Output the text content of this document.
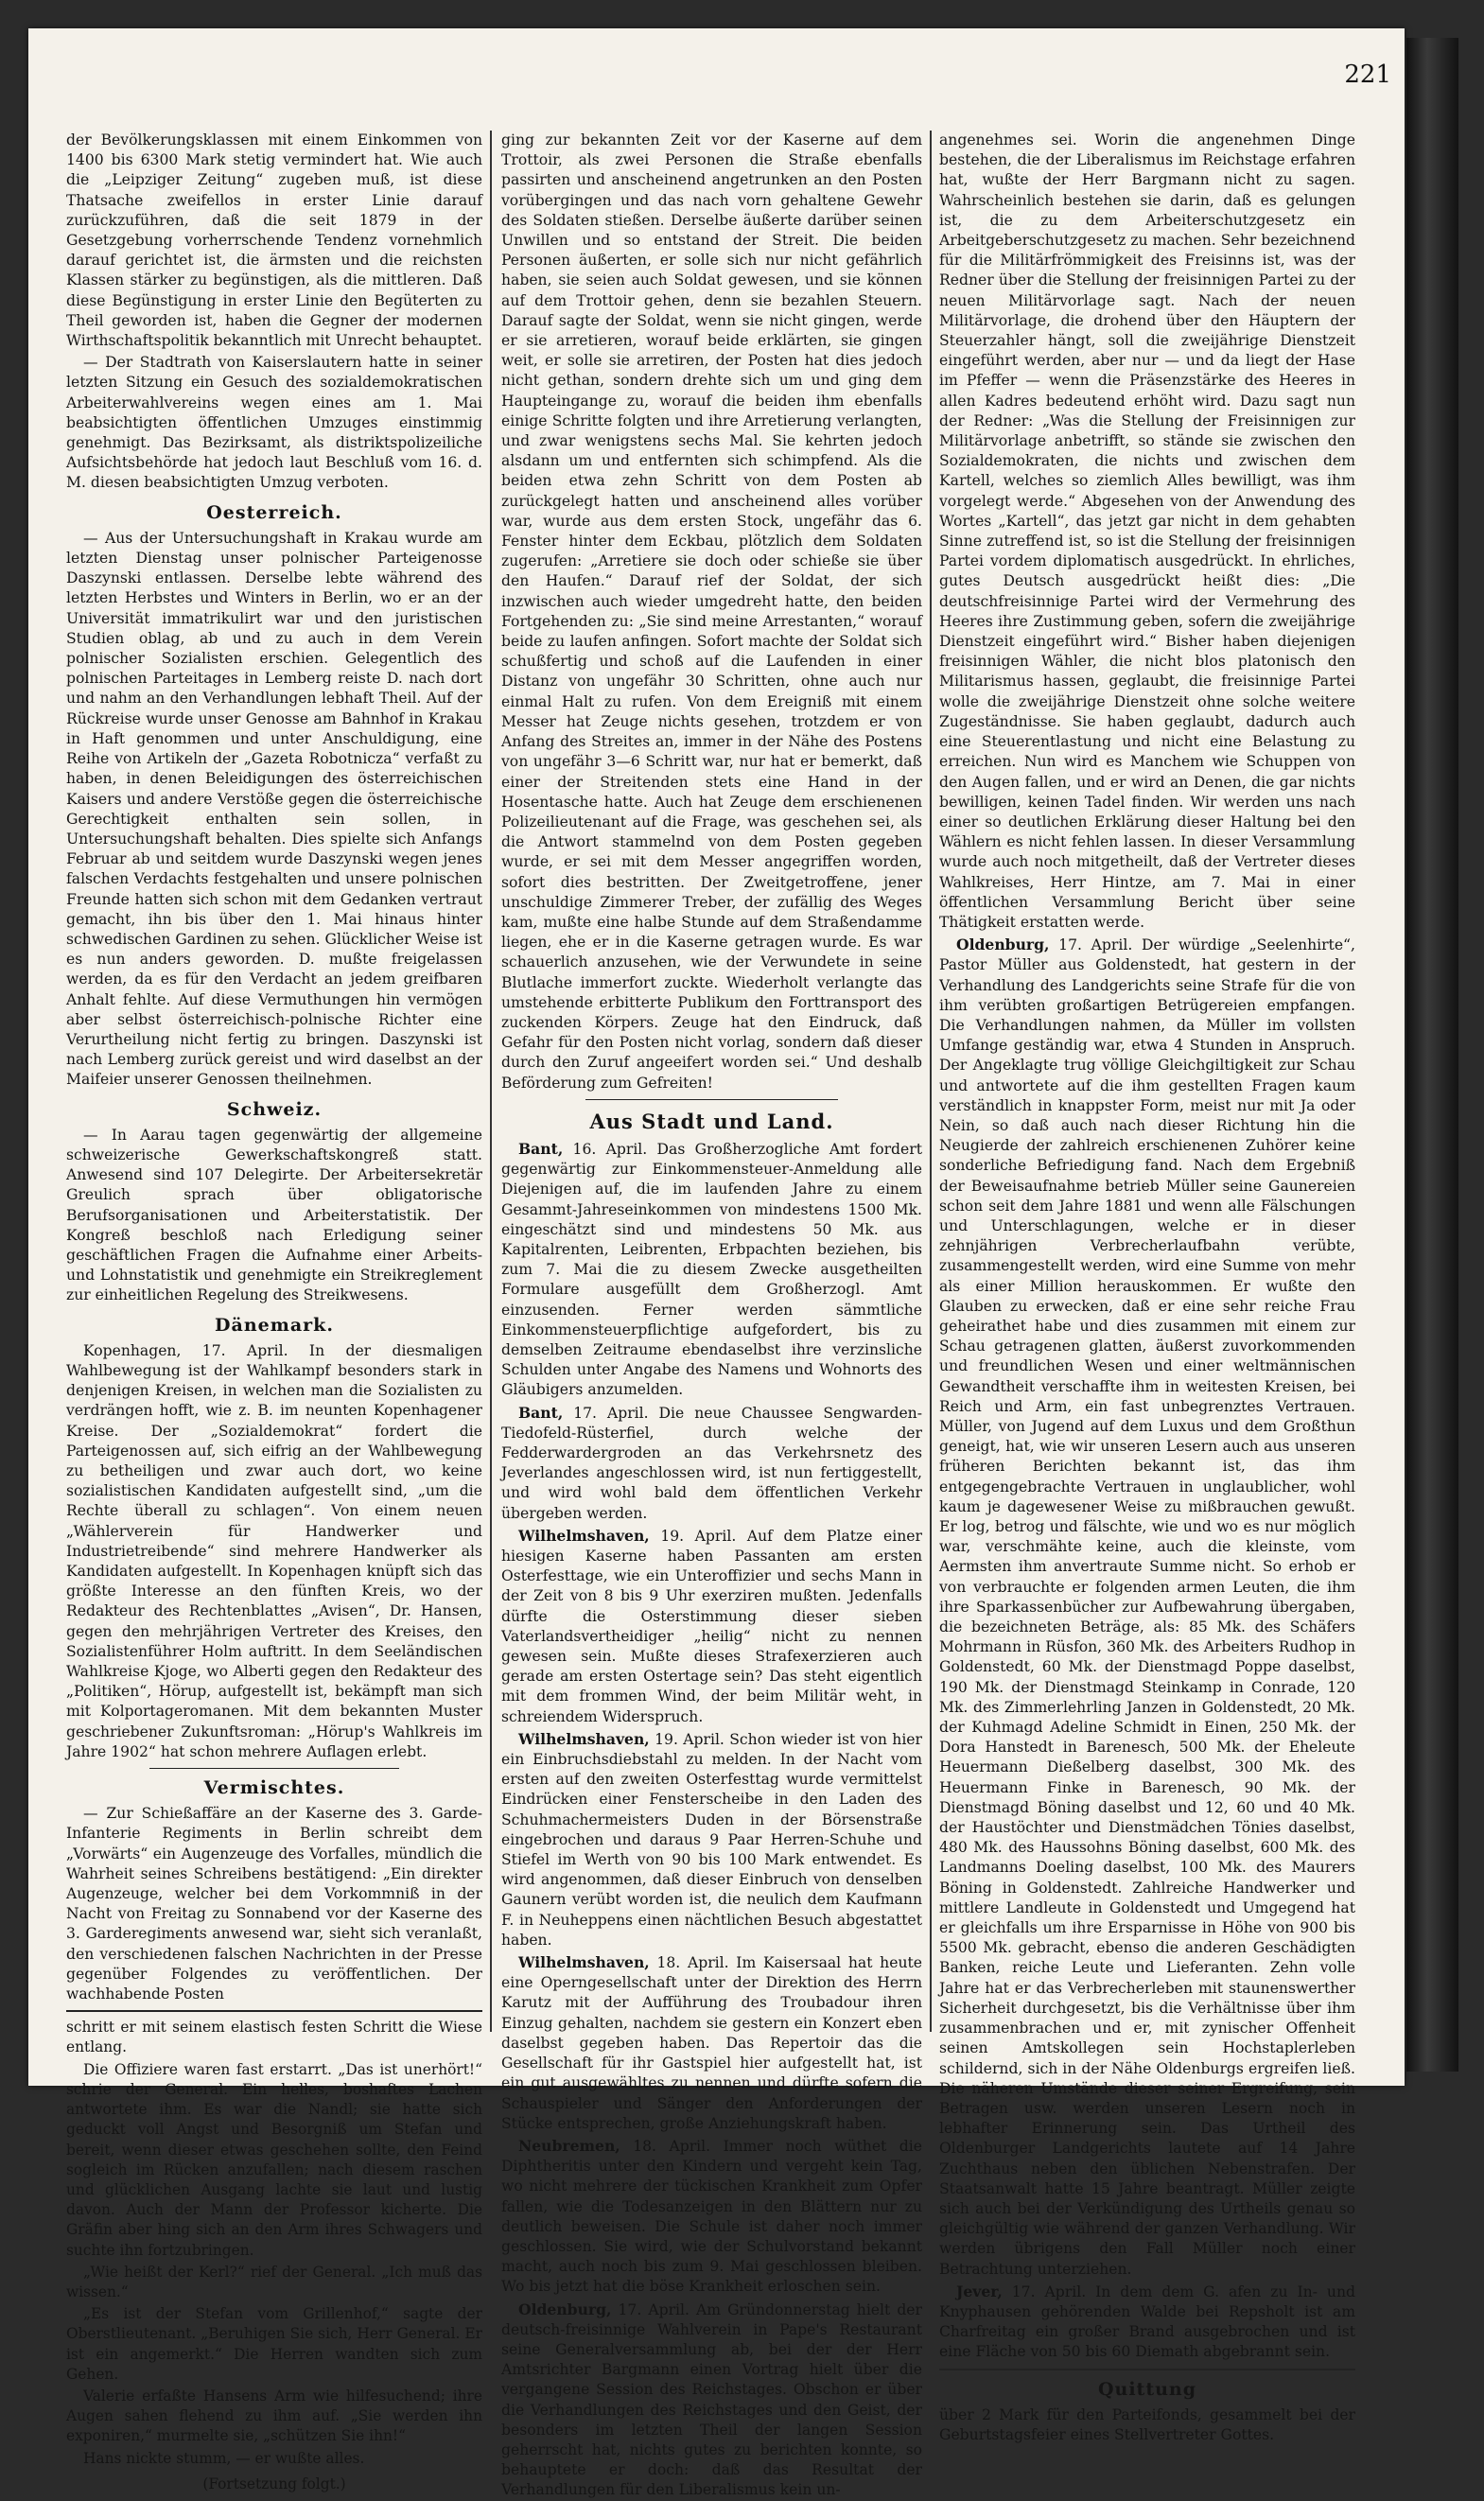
221

der Bevölkerungsklassen mit einem Einkommen von 1400 bis 6300 Mark stetig vermindert hat. Wie auch die „Leipziger Zeitung“ zugeben muß, ist diese Thatsache zweifellos in erster Linie darauf zurückzuführen, daß die seit 1879 in der Gesetzgebung vorherrschende Tendenz vornehmlich darauf gerichtet ist, die ärmsten und die reichsten Klassen stärker zu begünstigen, als die mittleren. Daß diese Begünstigung in erster Linie den Begüterten zu Theil geworden ist, haben die Gegner der modernen Wirthschaftspolitik bekanntlich mit Unrecht behauptet.

— Der Stadtrath von Kaiserslautern hatte in seiner letzten Sitzung ein Gesuch des sozialdemokratischen Arbeiterwahlvereins wegen eines am 1. Mai beabsichtigten öffentlichen Umzuges einstimmig genehmigt. Das Bezirksamt, als distriktspolizeiliche Aufsichtsbehörde hat jedoch laut Beschluß vom 16. d. M. diesen beabsichtigten Umzug verboten.

Oesterreich.

— Aus der Untersuchungshaft in Krakau wurde am letzten Dienstag unser polnischer Parteigenosse Daszynski entlassen. Derselbe lebte während des letzten Herbstes und Winters in Berlin, wo er an der Universität immatrikulirt war und den juristischen Studien oblag, ab und zu auch in dem Verein polnischer Sozialisten erschien. Gelegentlich des polnischen Parteitages in Lemberg reiste D. nach dort und nahm an den Verhandlungen lebhaft Theil. Auf der Rückreise wurde unser Genosse am Bahnhof in Krakau in Haft genommen und unter Anschuldigung, eine Reihe von Artikeln der „Gazeta Robotnicza“ verfaßt zu haben, in denen Beleidigungen des österreichischen Kaisers und andere Verstöße gegen die österreichische Gerechtigkeit enthalten sein sollen, in Untersuchungshaft behalten. Dies spielte sich Anfangs Februar ab und seitdem wurde Daszynski wegen jenes falschen Verdachts festgehalten und unsere polnischen Freunde hatten sich schon mit dem Gedanken vertraut gemacht, ihn bis über den 1. Mai hinaus hinter schwedischen Gardinen zu sehen. Glücklicher Weise ist es nun anders geworden. D. mußte freigelassen werden, da es für den Verdacht an jedem greifbaren Anhalt fehlte. Auf diese Vermuthungen hin vermögen aber selbst österreichisch-polnische Richter eine Verurtheilung nicht fertig zu bringen. Daszynski ist nach Lemberg zurück gereist und wird daselbst an der Maifeier unserer Genossen theilnehmen.

Schweiz.

— In Aarau tagen gegenwärtig der allgemeine schweizerische Gewerkschaftskongreß statt. Anwesend sind 107 Delegirte. Der Arbeitersekretär Greulich sprach über obligatorische Berufsorganisationen und Arbeiterstatistik. Der Kongreß beschloß nach Erledigung seiner geschäftlichen Fragen die Aufnahme einer Arbeits- und Lohnstatistik und genehmigte ein Streikreglement zur einheitlichen Regelung des Streikwesens.

Dänemark.

Kopenhagen, 17. April. In der diesmaligen Wahlbewegung ist der Wahlkampf besonders stark in denjenigen Kreisen, in welchen man die Sozialisten zu verdrängen hofft, wie z. B. im neunten Kopenhagener Kreise. Der „Sozialdemokrat“ fordert die Parteigenossen auf, sich eifrig an der Wahlbewegung zu betheiligen und zwar auch dort, wo keine sozialistischen Kandidaten aufgestellt sind, „um die Rechte überall zu schlagen“. Von einem neuen „Wählerverein für Handwerker und Industrietreibende“ sind mehrere Handwerker als Kandidaten aufgestellt. In Kopenhagen knüpft sich das größte Interesse an den fünften Kreis, wo der Redakteur des Rechtenblattes „Avisen“, Dr. Hansen, gegen den mehrjährigen Vertreter des Kreises, den Sozialistenführer Holm auftritt. In dem Seeländischen Wahlkreise Kjoge, wo Alberti gegen den Redakteur des „Politiken“, Hörup, aufgestellt ist, bekämpft man sich mit Kolportageromanen. Mit dem bekannten Muster geschriebener Zukunftsroman: „Hörup's Wahlkreis im Jahre 1902“ hat schon mehrere Auflagen erlebt.

Vermischtes.

— Zur Schießaffäre an der Kaserne des 3. Garde-Infanterie Regiments in Berlin schreibt dem „Vorwärts“ ein Augenzeuge des Vorfalles, mündlich die Wahrheit seines Schreibens bestätigend: „Ein direkter Augenzeuge, welcher bei dem Vorkommniß in der Nacht von Freitag zu Sonnabend vor der Kaserne des 3. Garderegiments anwesend war, sieht sich veranlaßt, den verschiedenen falschen Nachrichten in der Presse gegenüber Folgendes zu veröffentlichen. Der wachhabende Posten

schritt er mit seinem elastisch festen Schritt die Wiese entlang.

Die Offiziere waren fast erstarrt. „Das ist unerhört!“ schrie der General. Ein helles, boshaftes Lachen antwortete ihm. Es war die Nandl; sie hatte sich geduckt voll Angst und Besorgniß um Stefan und bereit, wenn dieser etwas geschehen sollte, den Feind sogleich im Rücken anzufallen; nach diesem raschen und glücklichen Ausgang lachte sie laut und lustig davon. Auch der Mann der Professor kicherte. Die Gräfin aber hing sich an den Arm ihres Schwagers und suchte ihn fortzubringen.

„Wie heißt der Kerl?“ rief der General. „Ich muß das wissen.“

„Es ist der Stefan vom Grillenhof,“ sagte der Oberstlieutenant. „Beruhigen Sie sich, Herr General. Er ist ein angemerkt.“ Die Herren wandten sich zum Gehen.

Valerie erfaßte Hansens Arm wie hilfesuchend; ihre Augen sahen flehend zu ihm auf. „Sie werden ihn exponiren,“ murmelte sie, „schützen Sie ihn!“

Hans nickte stumm, — er wußte alles.

(Fortsetzung folgt.)

ging zur bekannten Zeit vor der Kaserne auf dem Trottoir, als zwei Personen die Straße ebenfalls passirten und anscheinend angetrunken an den Posten vorübergingen und das nach vorn gehaltene Gewehr des Soldaten stießen. Derselbe äußerte darüber seinen Unwillen und so entstand der Streit. Die beiden Personen äußerten, er solle sich nur nicht gefährlich haben, sie seien auch Soldat gewesen, und sie können auf dem Trottoir gehen, denn sie bezahlen Steuern. Darauf sagte der Soldat, wenn sie nicht gingen, werde er sie arretieren, worauf beide erklärten, sie gingen weit, er solle sie arretiren, der Posten hat dies jedoch nicht gethan, sondern drehte sich um und ging dem Haupteingange zu, worauf die beiden ihm ebenfalls einige Schritte folgten und ihre Arretierung verlangten, und zwar wenigstens sechs Mal. Sie kehrten jedoch alsdann um und entfernten sich schimpfend. Als die beiden etwa zehn Schritt von dem Posten ab zurückgelegt hatten und anscheinend alles vorüber war, wurde aus dem ersten Stock, ungefähr das 6. Fenster hinter dem Eckbau, plötzlich dem Soldaten zugerufen: „Arretiere sie doch oder schieße sie über den Haufen.“ Darauf rief der Soldat, der sich inzwischen auch wieder umgedreht hatte, den beiden Fortgehenden zu: „Sie sind meine Arrestanten,“ worauf beide zu laufen anfingen. Sofort machte der Soldat sich schußfertig und schoß auf die Laufenden in einer Distanz von ungefähr 30 Schritten, ohne auch nur einmal Halt zu rufen. Von dem Ereigniß mit einem Messer hat Zeuge nichts gesehen, trotzdem er von Anfang des Streites an, immer in der Nähe des Postens von ungefähr 3—6 Schritt war, nur hat er bemerkt, daß einer der Streitenden stets eine Hand in der Hosentasche hatte. Auch hat Zeuge dem erschienenen Polizeilieutenant auf die Frage, was geschehen sei, als die Antwort stammelnd von dem Posten gegeben wurde, er sei mit dem Messer angegriffen worden, sofort dies bestritten. Der Zweitgetroffene, jener unschuldige Zimmerer Treber, der zufällig des Weges kam, mußte eine halbe Stunde auf dem Straßendamme liegen, ehe er in die Kaserne getragen wurde. Es war schauerlich anzusehen, wie der Verwundete in seine Blutlache immerfort zuckte. Wiederholt verlangte das umstehende erbitterte Publikum den Forttransport des zuckenden Körpers. Zeuge hat den Eindruck, daß Gefahr für den Posten nicht vorlag, sondern daß dieser durch den Zuruf angeeifert worden sei.“ Und deshalb Beförderung zum Gefreiten!

Aus Stadt und Land.

Bant, 16. April. Das Großherzogliche Amt fordert gegenwärtig zur Einkommensteuer-Anmeldung alle Diejenigen auf, die im laufenden Jahre zu einem Gesammt-Jahreseinkommen von mindestens 1500 Mk. eingeschätzt sind und mindestens 50 Mk. aus Kapitalrenten, Leibrenten, Erbpachten beziehen, bis zum 7. Mai die zu diesem Zwecke ausgetheilten Formulare ausgefüllt dem Großherzogl. Amt einzusenden. Ferner werden sämmtliche Einkommensteuerpflichtige aufgefordert, bis zu demselben Zeitraume ebendaselbst ihre verzinsliche Schulden unter Angabe des Namens und Wohnorts des Gläubigers anzumelden.

Bant, 17. April. Die neue Chaussee Sengwarden-Tiedofeld-Rüsterfiel, durch welche der Fedderwardergroden an das Verkehrsnetz des Jeverlandes angeschlossen wird, ist nun fertiggestellt, und wird wohl bald dem öffentlichen Verkehr übergeben werden.

Wilhelmshaven, 19. April. Auf dem Platze einer hiesigen Kaserne haben Passanten am ersten Osterfesttage, wie ein Unteroffizier und sechs Mann in der Zeit von 8 bis 9 Uhr exerziren mußten. Jedenfalls dürfte die Osterstimmung dieser sieben Vaterlandsvertheidiger „heilig“ nicht zu nennen gewesen sein. Mußte dieses Strafexerzieren auch gerade am ersten Ostertage sein? Das steht eigentlich mit dem frommen Wind, der beim Militär weht, in schreiendem Widerspruch.

Wilhelmshaven, 19. April. Schon wieder ist von hier ein Einbruchsdiebstahl zu melden. In der Nacht vom ersten auf den zweiten Osterfesttag wurde vermittelst Eindrücken einer Fensterscheibe in den Laden des Schuhmachermeisters Duden in der Börsenstraße eingebrochen und daraus 9 Paar Herren-Schuhe und Stiefel im Werth von 90 bis 100 Mark entwendet. Es wird angenommen, daß dieser Einbruch von denselben Gaunern verübt worden ist, die neulich dem Kaufmann F. in Neuheppens einen nächtlichen Besuch abgestattet haben.

Wilhelmshaven, 18. April. Im Kaisersaal hat heute eine Operngesellschaft unter der Direktion des Herrn Karutz mit der Aufführung des Troubadour ihren Einzug gehalten, nachdem sie gestern ein Konzert eben daselbst gegeben haben. Das Repertoir das die Gesellschaft für ihr Gastspiel hier aufgestellt hat, ist ein gut ausgewähltes zu nennen und dürfte sofern die Schauspieler und Sänger den Anforderungen der Stücke entsprechen, große Anziehungskraft haben.

Neubremen, 18. April. Immer noch wüthet die Diphtheritis unter den Kindern und vergeht kein Tag, wo nicht mehrere der tückischen Krankheit zum Opfer fallen, wie die Todesanzeigen in den Blättern nur zu deutlich beweisen. Die Schule ist daher noch immer geschlossen. Sie wird, wie der Schulvorstand bekannt macht, auch noch bis zum 9. Mai geschlossen bleiben. Wo bis jetzt hat die böse Krankheit erloschen sein.

Oldenburg, 17. April. Am Gründonnerstag hielt der deutsch-freisinnige Wahlverein in Pape's Restaurant seine Generalversammlung ab, bei der der Herr Amtsrichter Bargmann einen Vortrag hielt über die vergangene Session des Reichstages. Obschon er über die Verhandlungen des Reichstages und den Geist, der besonders im letzten Theil der langen Session geherrscht hat, nichts gutes zu berichten konnte, so behauptete er doch: daß das Resultat der Verhandlungen für den Liberalismus kein un-

angenehmes sei. Worin die angenehmen Dinge bestehen, die der Liberalismus im Reichstage erfahren hat, wußte der Herr Bargmann nicht zu sagen. Wahrscheinlich bestehen sie darin, daß es gelungen ist, die zu dem Arbeiterschutzgesetz ein Arbeitgeberschutzgesetz zu machen. Sehr bezeichnend für die Militärfrömmigkeit des Freisinns ist, was der Redner über die Stellung der freisinnigen Partei zu der neuen Militärvorlage sagt. Nach der neuen Militärvorlage, die drohend über den Häuptern der Steuerzahler hängt, soll die zweijährige Dienstzeit eingeführt werden, aber nur — und da liegt der Hase im Pfeffer — wenn die Präsenzstärke des Heeres in allen Kadres bedeutend erhöht wird. Dazu sagt nun der Redner: „Was die Stellung der Freisinnigen zur Militärvorlage anbetrifft, so stände sie zwischen den Sozialdemokraten, die nichts und zwischen dem Kartell, welches so ziemlich Alles bewilligt, was ihm vorgelegt werde.“ Abgesehen von der Anwendung des Wortes „Kartell“, das jetzt gar nicht in dem gehabten Sinne zutreffend ist, so ist die Stellung der freisinnigen Partei vordem diplomatisch ausgedrückt. In ehrliches, gutes Deutsch ausgedrückt heißt dies: „Die deutschfreisinnige Partei wird der Vermehrung des Heeres ihre Zustimmung geben, sofern die zweijährige Dienstzeit eingeführt wird.“ Bisher haben diejenigen freisinnigen Wähler, die nicht blos platonisch den Militarismus hassen, geglaubt, die freisinnige Partei wolle die zweijährige Dienstzeit ohne solche weitere Zugeständnisse. Sie haben geglaubt, dadurch auch eine Steuerentlastung und nicht eine Belastung zu erreichen. Nun wird es Manchem wie Schuppen von den Augen fallen, und er wird an Denen, die gar nichts bewilligen, keinen Tadel finden. Wir werden uns nach einer so deutlichen Erklärung dieser Haltung bei den Wählern es nicht fehlen lassen. In dieser Versammlung wurde auch noch mitgetheilt, daß der Vertreter dieses Wahlkreises, Herr Hintze, am 7. Mai in einer öffentlichen Versammlung Bericht über seine Thätigkeit erstatten werde.

Oldenburg, 17. April. Der würdige „Seelenhirte“, Pastor Müller aus Goldenstedt, hat gestern in der Verhandlung des Landgerichts seine Strafe für die von ihm verübten großartigen Betrügereien empfangen. Die Verhandlungen nahmen, da Müller im vollsten Umfange geständig war, etwa 4 Stunden in Anspruch. Der Angeklagte trug völlige Gleichgiltigkeit zur Schau und antwortete auf die ihm gestellten Fragen kaum verständlich in knappster Form, meist nur mit Ja oder Nein, so daß auch nach dieser Richtung hin die Neugierde der zahlreich erschienenen Zuhörer keine sonderliche Befriedigung fand. Nach dem Ergebniß der Beweisaufnahme betrieb Müller seine Gaunereien schon seit dem Jahre 1881 und wenn alle Fälschungen und Unterschlagungen, welche er in dieser zehnjährigen Verbrecherlaufbahn verübte, zusammengestellt werden, wird eine Summe von mehr als einer Million herauskommen. Er wußte den Glauben zu erwecken, daß er eine sehr reiche Frau geheirathet habe und dies zusammen mit einem zur Schau getragenen glatten, äußerst zuvorkommenden und freundlichen Wesen und einer weltmännischen Gewandtheit verschaffte ihm in weitesten Kreisen, bei Reich und Arm, ein fast unbegrenztes Vertrauen. Müller, von Jugend auf dem Luxus und dem Großthun geneigt, hat, wie wir unseren Lesern auch aus unseren früheren Berichten bekannt ist, das ihm entgegengebrachte Vertrauen in unglaublicher, wohl kaum je dagewesener Weise zu mißbrauchen gewußt. Er log, betrog und fälschte, wie und wo es nur möglich war, verschmähte keine, auch die kleinste, vom Aermsten ihm anvertraute Summe nicht. So erhob er von verbrauchte er folgenden armen Leuten, die ihm ihre Sparkassenbücher zur Aufbewahrung übergaben, die bezeichneten Beträge, als: 85 Mk. des Schäfers Mohrmann in Rüsfon, 360 Mk. des Arbeiters Rudhop in Goldenstedt, 60 Mk. der Dienstmagd Poppe daselbst, 190 Mk. der Dienstmagd Steinkamp in Conrade, 120 Mk. des Zimmerlehrling Janzen in Goldenstedt, 20 Mk. der Kuhmagd Adeline Schmidt in Einen, 250 Mk. der Dora Hanstedt in Barenesch, 500 Mk. der Eheleute Heuermann Dießelberg daselbst, 300 Mk. des Heuermann Finke in Barenesch, 90 Mk. der Dienstmagd Böning daselbst und 12, 60 und 40 Mk. der Haustöchter und Dienstmädchen Tönies daselbst, 480 Mk. des Haussohns Böning daselbst, 600 Mk. des Landmanns Doeling daselbst, 100 Mk. des Maurers Böning in Goldenstedt. Zahlreiche Handwerker und mittlere Landleute in Goldenstedt und Umgegend hat er gleichfalls um ihre Ersparnisse in Höhe von 900 bis 5500 Mk. gebracht, ebenso die anderen Geschädigten Banken, reiche Leute und Lieferanten. Zehn volle Jahre hat er das Verbrecherleben mit staunenswerther Sicherheit durchgesetzt, bis die Verhältnisse über ihm zusammenbrachen und er, mit zynischer Offenheit seinen Amtskollegen sein Hochstaplerleben schildernd, sich in der Nähe Oldenburgs ergreifen ließ. Die näheren Umstände dieser seiner Ergreifung, sein Betragen usw. werden unseren Lesern noch in lebhafter Erinnerung sein. Das Urtheil des Oldenburger Landgerichts lautete auf 14 Jahre Zuchthaus neben den üblichen Nebenstrafen. Der Staatsanwalt hatte 15 Jahre beantragt. Müller zeigte sich auch bei der Verkündigung des Urtheils genau so gleichgültig wie während der ganzen Verhandlung. Wir werden übrigens den Fall Müller noch einer Betrachtung unterziehen.

Jever, 17. April. In dem dem G. afen zu In- und Knyphausen gehörenden Walde bei Repsholt ist am Charfreitag ein großer Brand ausgebrochen und ist eine Fläche von 50 bis 60 Diemath abgebrannt sein.

Quittung

über 2 Mark für den Parteifonds, gesammelt bei der Geburtstagsfeier eines Stellvertreter Gottes.
